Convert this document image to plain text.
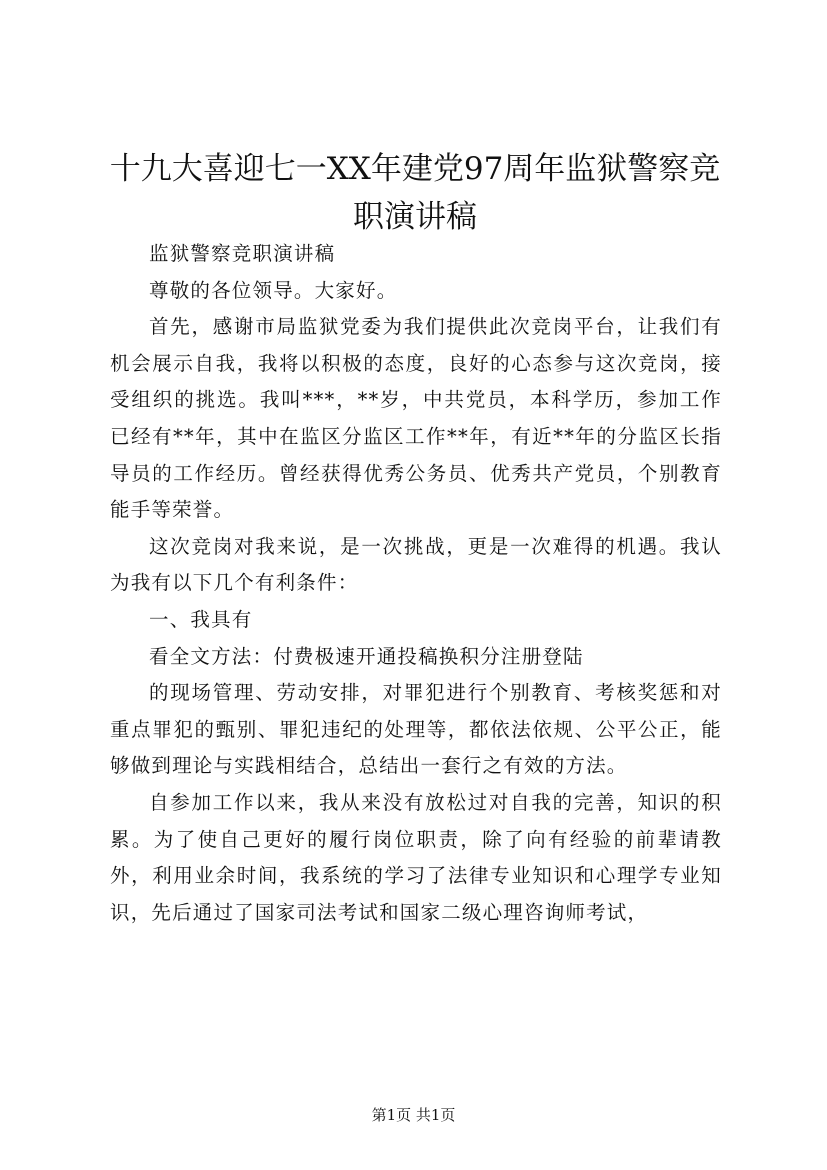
十九大喜迎七一XX年建党97周年监狱警察竞职演讲稿

监狱警察竞职演讲稿

尊敬的各位领导。大家好。

首先，感谢市局监狱党委为我们提供此次竞岗平台，让我们有机会展示自我，我将以积极的态度，良好的心态参与这次竞岗，接受组织的挑选。我叫***，**岁，中共党员，本科学历，参加工作已经有**年，其中在监区分监区工作**年，有近**年的分监区长指导员的工作经历。曾经获得优秀公务员、优秀共产党员，个别教育能手等荣誉。

这次竞岗对我来说，是一次挑战，更是一次难得的机遇。我认为我有以下几个有利条件：

一、我具有

看全文方法：付费极速开通投稿换积分注册登陆

的现场管理、劳动安排，对罪犯进行个别教育、考核奖惩和对重点罪犯的甄别、罪犯违纪的处理等，都依法依规、公平公正，能够做到理论与实践相结合，总结出一套行之有效的方法。

自参加工作以来，我从来没有放松过对自我的完善，知识的积累。为了使自己更好的履行岗位职责，除了向有经验的前辈请教外，利用业余时间，我系统的学习了法律专业知识和心理学专业知识，先后通过了国家司法考试和国家二级心理咨询师考试，

第1页 共1页
